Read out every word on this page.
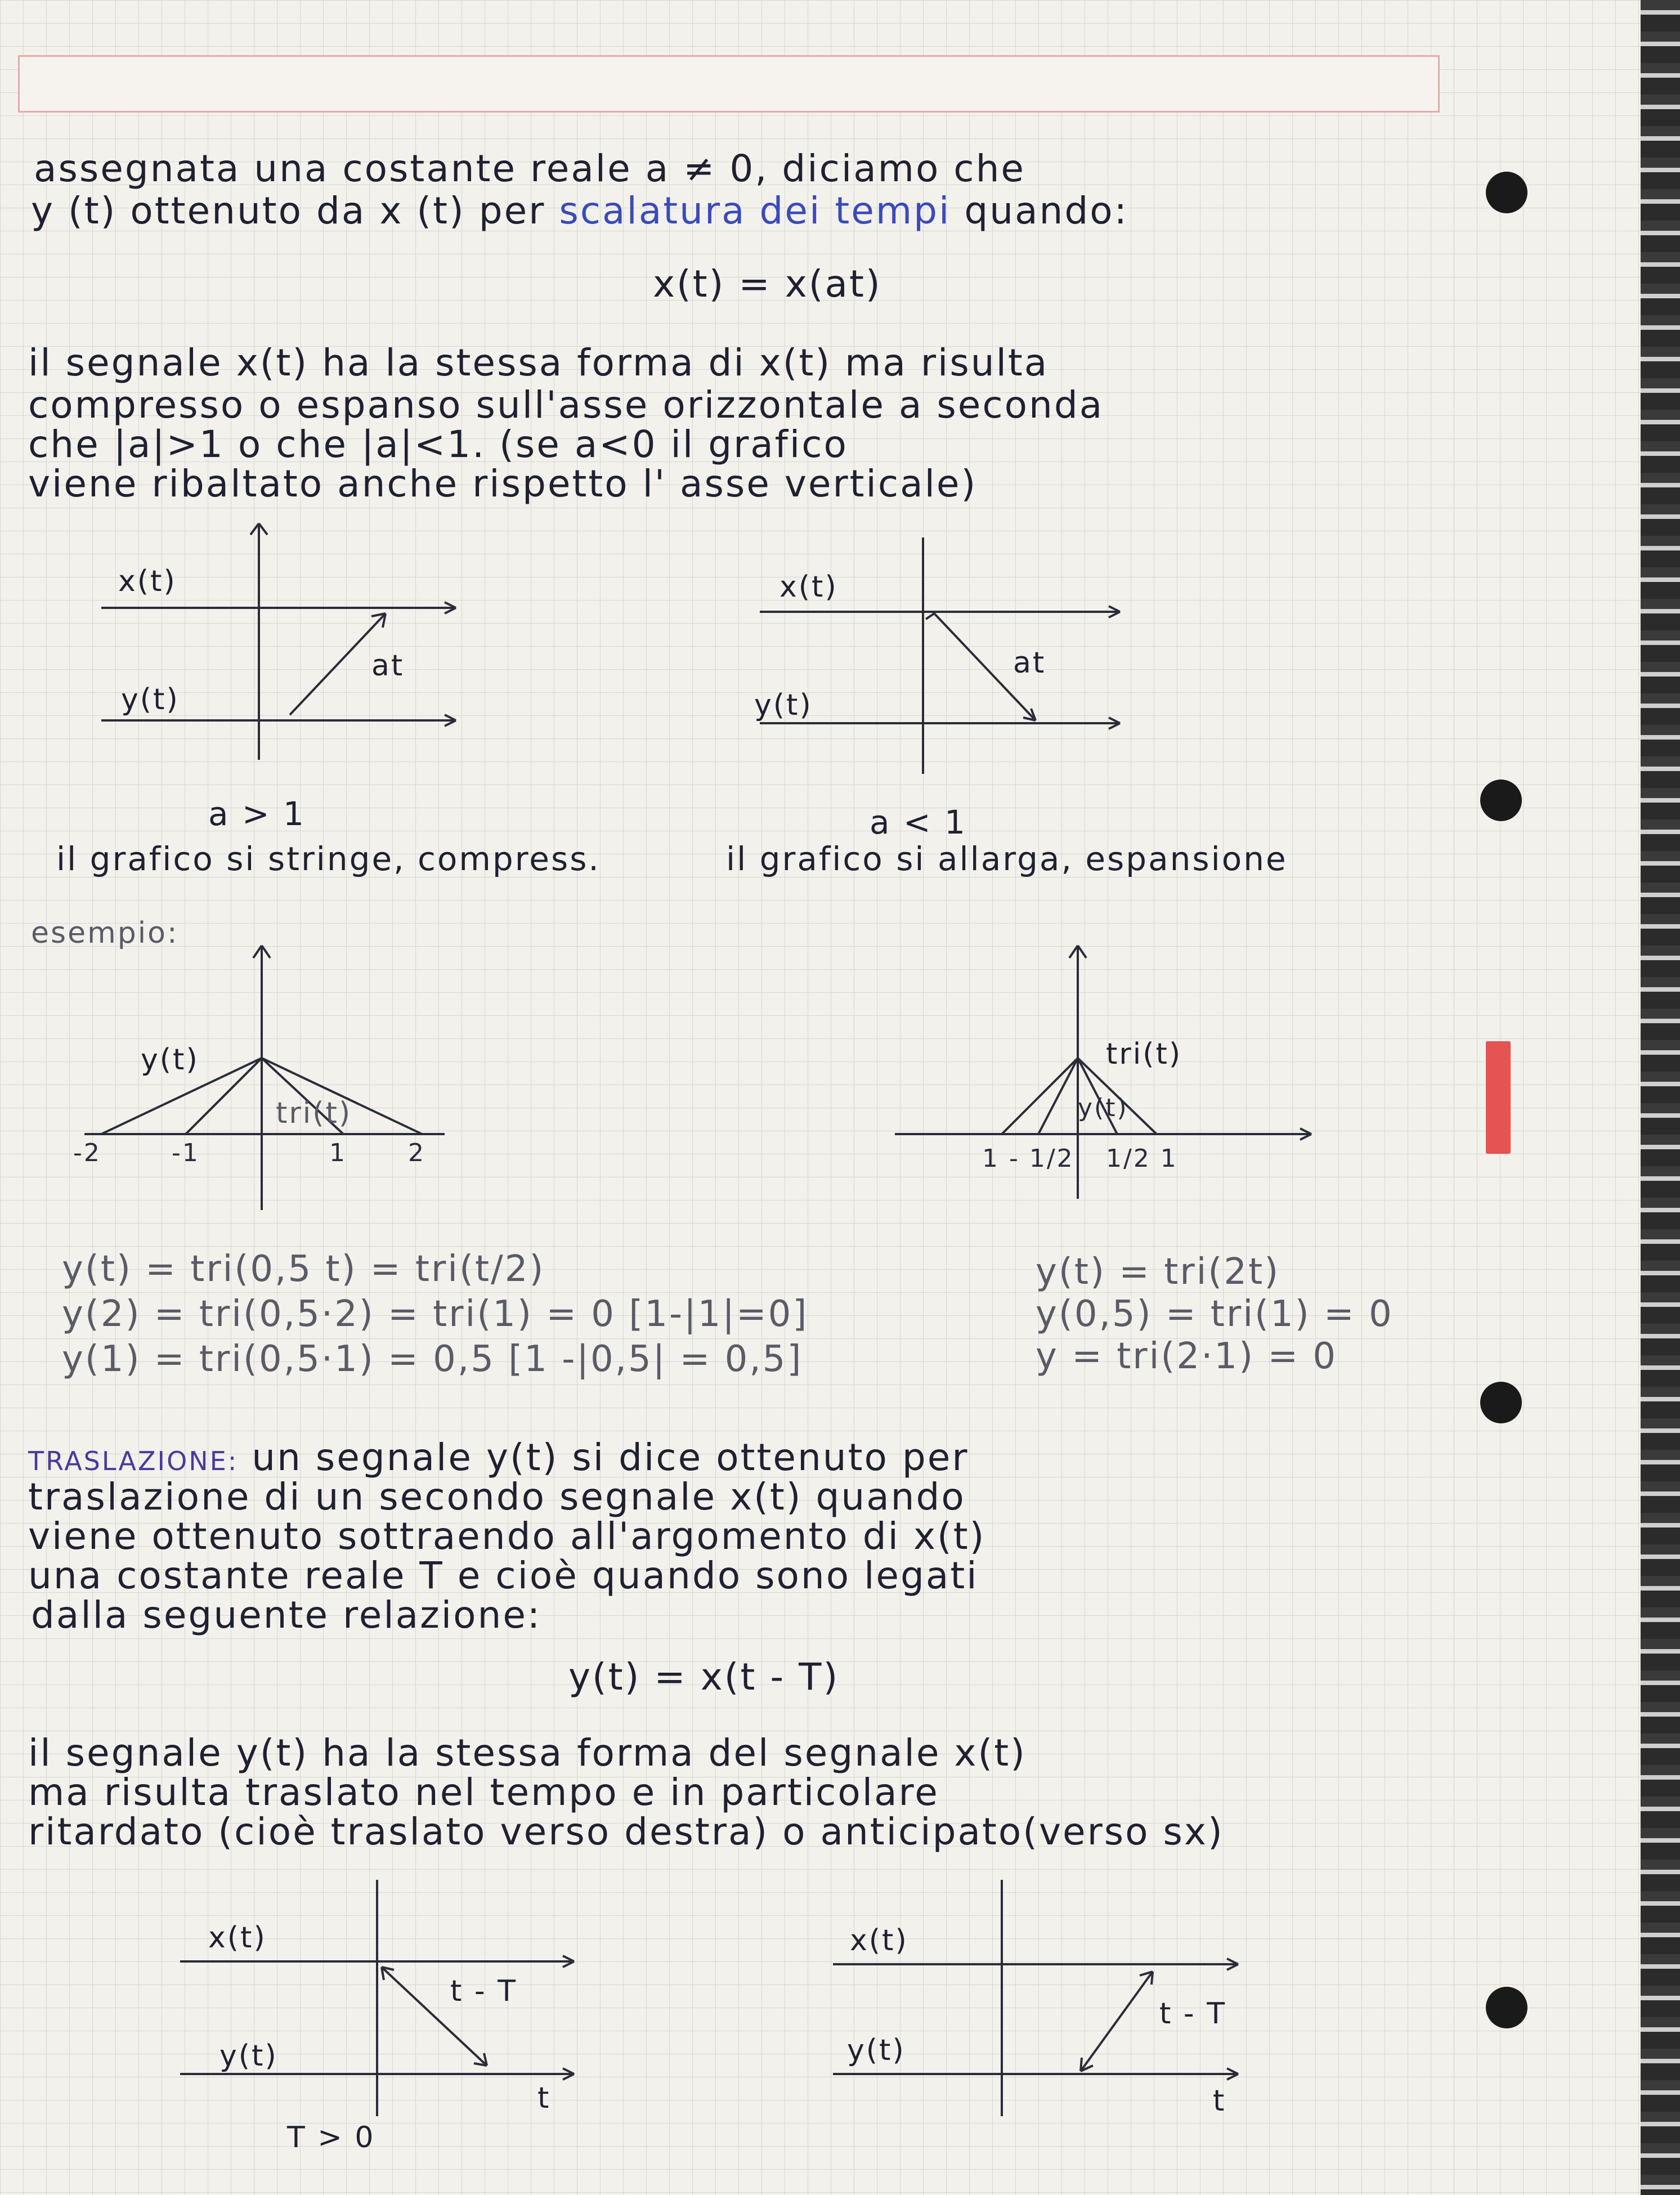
assegnata una costante reale a ≠ 0, diciamo che
y (t) ottenuto da x (t) per scalatura dei tempi quando:
x(t) = x(at)
il segnale x(t) ha la stessa forma di x(t) ma risulta
compresso o espanso sull'asse orizzontale a seconda
che |a|>1 o che |a|<1. (se a<0 il grafico
viene ribaltato anche rispetto l' asse verticale)
x(t)
y(t)
at
x(t)
y(t)
at
a > 1
il grafico si stringe, compress.
a < 1
il grafico si allarga, espansione
esempio:
y(t)
tri(t)
-2	-1	1 2
tri(t)
y(t)
1 - 1/2 1/2 1
y(t) = tri(0,5 t) = tri(t/2)
y(2) = tri(0,5·2) = tri(1) = 0 [1-|1|=0]
y(1) = tri(0,5·1) = 0,5 [1 -|0,5| = 0,5]
y(t) = tri(2t)
y(0,5) = tri(1) = 0
y = tri(2·1) = 0
TRASLAZIONE: un segnale y(t) si dice ottenuto per
traslazione di un secondo segnale x(t) quando
viene ottenuto sottraendo all'argomento di x(t)
una costante reale T e cioè quando sono legati
dalla seguente relazione:
y(t) = x(t - T)
il segnale y(t) ha la stessa forma del segnale x(t)
ma risulta traslato nel tempo e in particolare
ritardato (cioè traslato verso destra) o anticipato(verso sx)
x(t)
y(t)
t - T
t
T > 0
x(t)
y(t)
t - T
t
